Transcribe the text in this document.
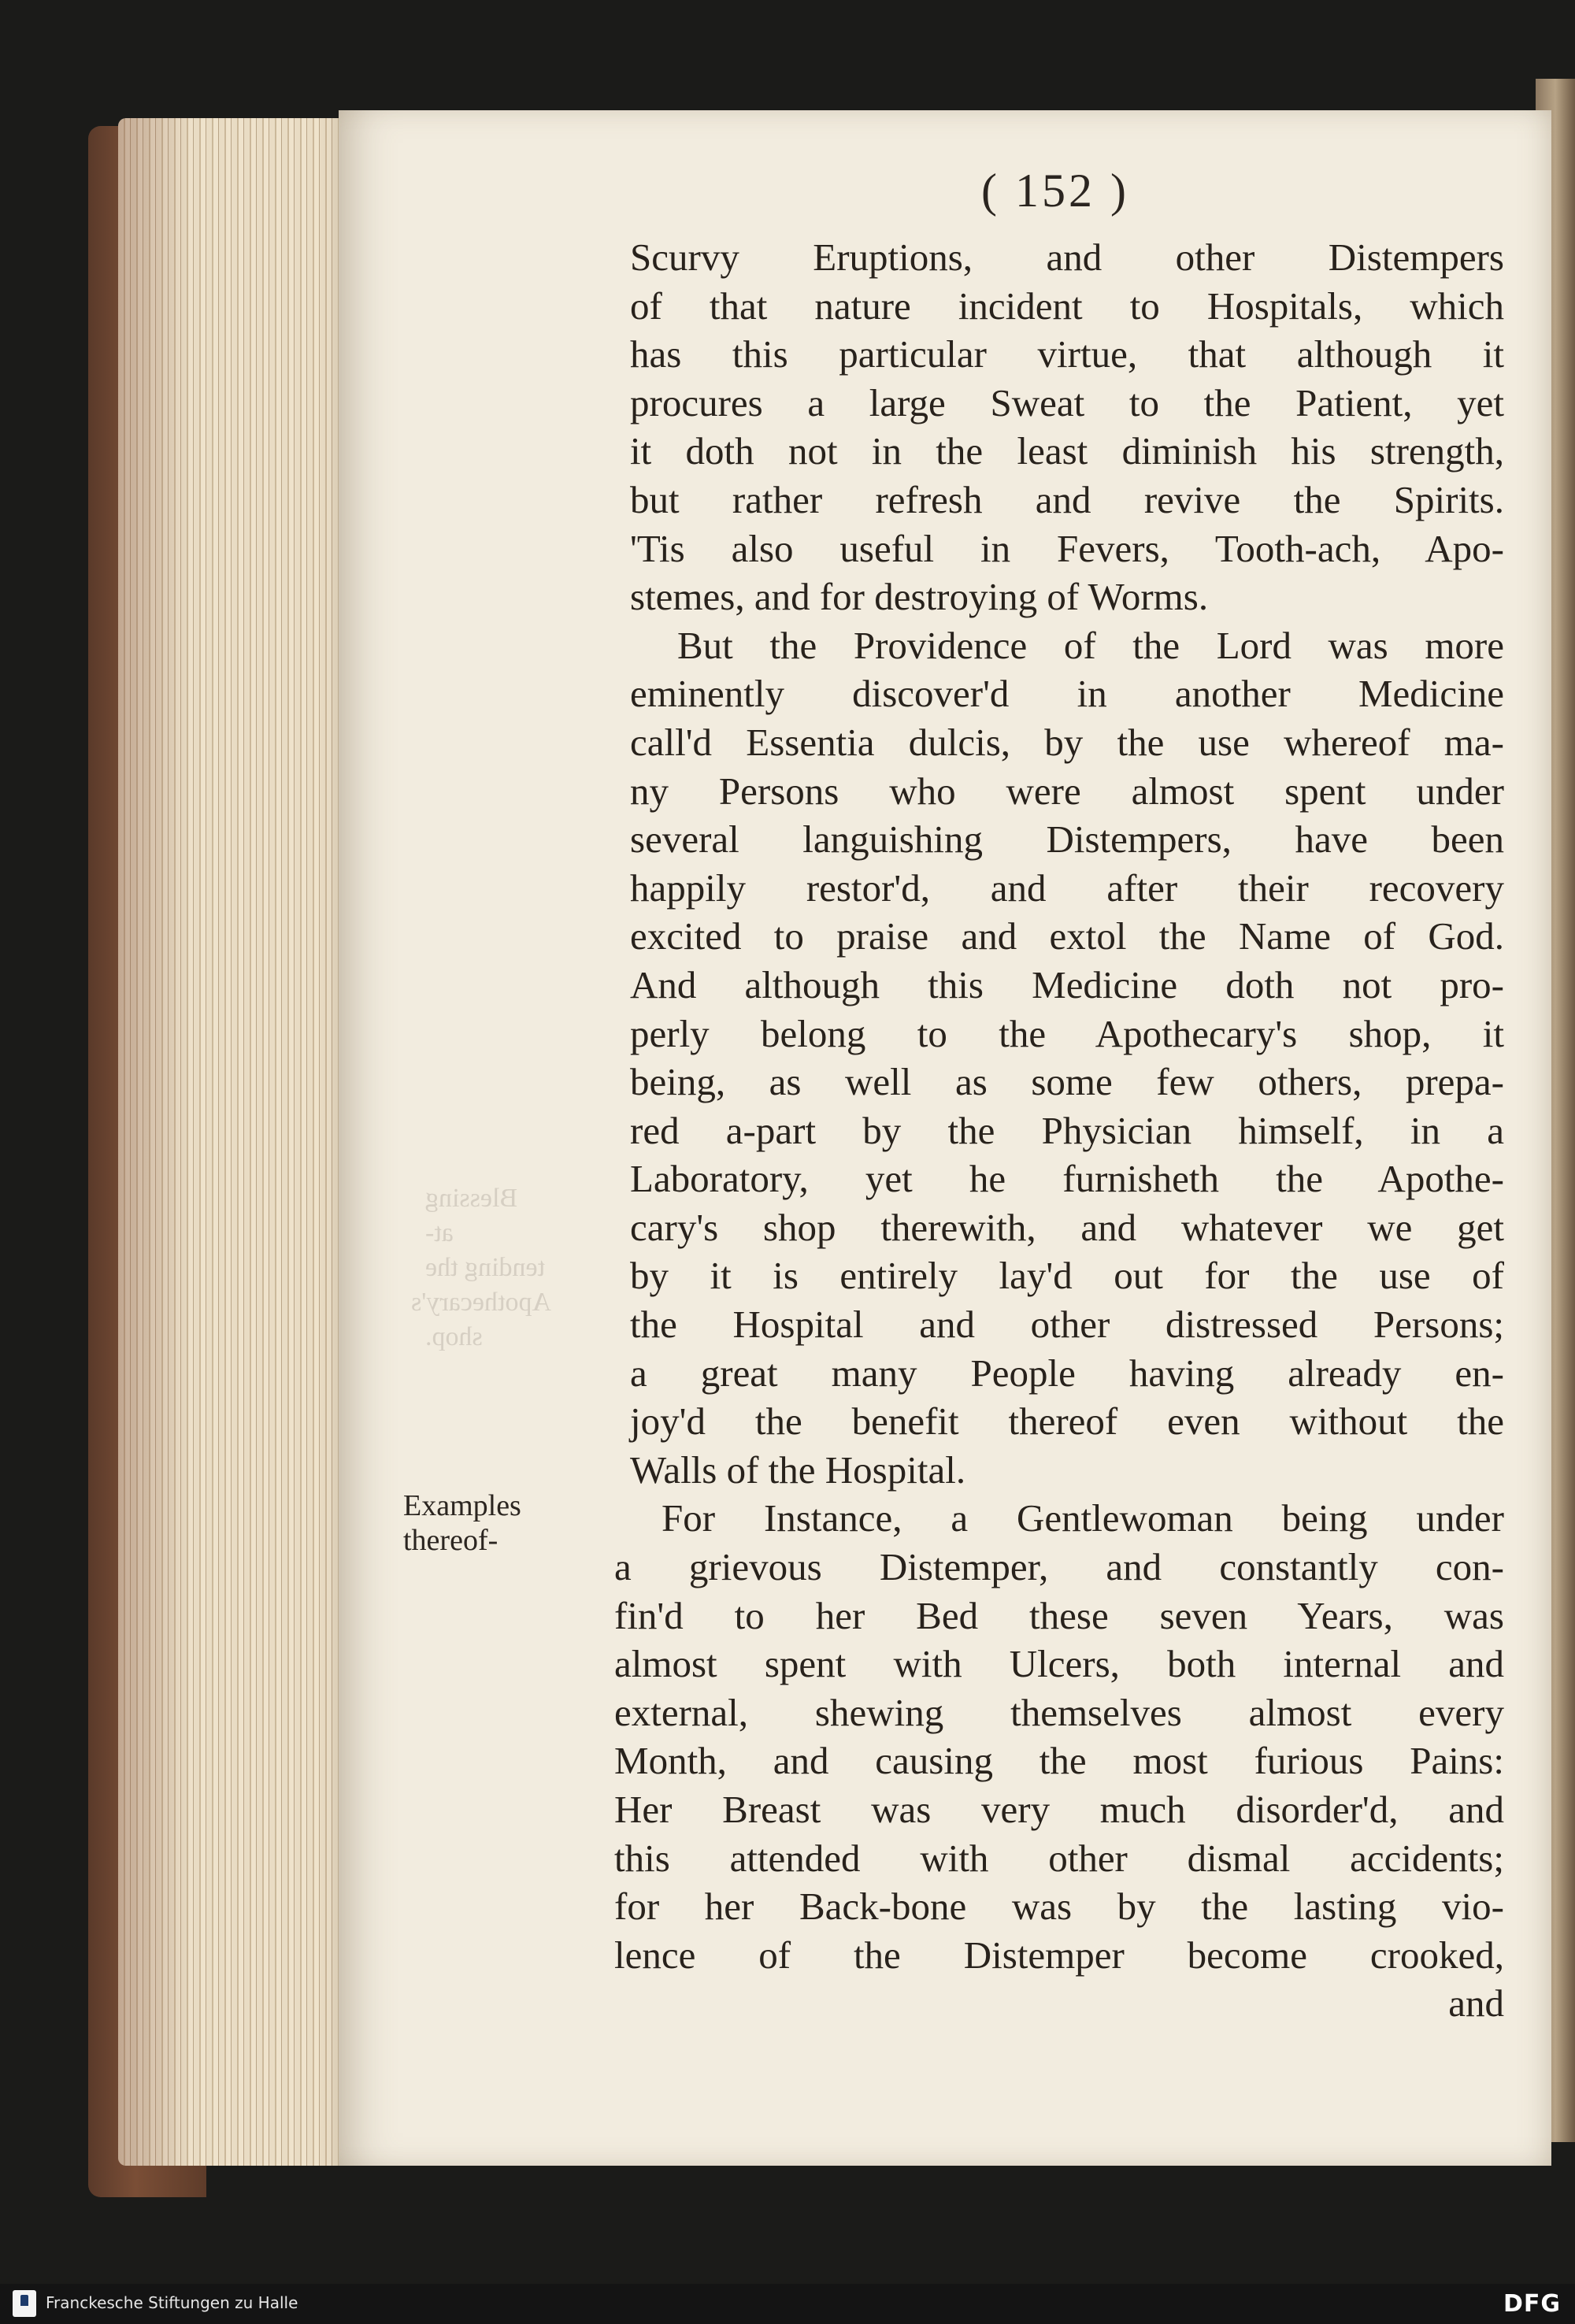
( 152 )
Blessing at-
tending the
Apothecary's
shop.
Examples
thereof-
Scurvy Eruptions, and other Distempers
of that nature incident to Hospitals, which
has this particular virtue, that although it
procures a large Sweat to the Patient, yet
it doth not in the least diminish his strength,
but rather refresh and revive the Spirits.
'Tis also useful in Fevers, Tooth-ach, Apo-
stemes, and for destroying of Worms.
But the Providence of the Lord was more
eminently discover'd in another Medicine
call'd Essentia dulcis, by the use whereof ma-
ny Persons who were almost spent under
several languishing Distempers, have been
happily restor'd, and after their recovery
excited to praise and extol the Name of God.
And although this Medicine doth not pro-
perly belong to the Apothecary's shop, it
being, as well as some few others, prepa-
red a-part by the Physician himself, in a
Laboratory, yet he furnisheth the Apothe-
cary's shop therewith, and whatever we get
by it is entirely lay'd out for the use of
the Hospital and other distressed Persons;
a great many People having already en-
joy'd the benefit thereof even without the
Walls of the Hospital.
For Instance, a Gentlewoman being under
a grievous Distemper, and constantly con-
fin'd to her Bed these seven Years, was
almost spent with Ulcers, both internal and
external, shewing themselves almost every
Month, and causing the most furious Pains:
Her Breast was very much disorder'd, and
this attended with other dismal accidents;
for her Back-bone was by the lasting vio-
lence of the Distemper become crooked,
and
Franckesche Stiftungen zu Halle	DFG
